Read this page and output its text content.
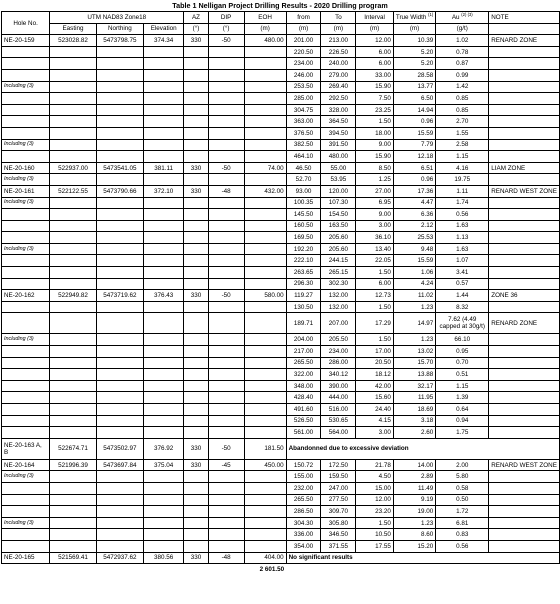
Table 1 Nelligan Project Drilling Results - 2020 Drilling program
Hole No.	UTM NAD83 Zone18			AZ	DIP	EOH	from	To	Interval	True Width $^{(1)}$	Au $^{(2) (3)}$	NOTE
	Easting	Northing	Elevation	(°)	(°)	(m)	(m)	(m)	(m)	(m)	(g/t)	
NE-20-159	523028.82	5473798.75	374.34	330	-50	480.00	201.00	213.00	12.00	10.39	1.02	RENARD ZONE
							220.50	226.50	6.00	5.20	0.78	
							234.00	240.00	6.00	5.20	0.87	
							246.00	279.00	33.00	28.58	0.99	
Including (3)							253.50	269.40	15.90	13.77	1.42	
							285.00	292.50	7.50	6.50	0.85	
							304.75	328.00	23.25	14.94	0.85	
							363.00	364.50	1.50	0.96	2.70	
							376.50	394.50	18.00	15.59	1.55	
Including (3)							382.50	391.50	9.00	7.79	2.58	
							464.10	480.00	15.90	12.18	1.15	
NE-20-160	522937.00	5473541.05	381.11	330	-50	74.00	46.50	55.00	8.50	6.51	4.16	LIAM ZONE
Including (3)							52.70	53.95	1.25	0.96	19.75	
NE-20-161	522122.55	5473790.66	372.10	330	-48	432.00	93.00	120.00	27.00	17.36	1.11	RENARD WEST ZONE
Including (3)							100.35	107.30	6.95	4.47	1.74	
							145.50	154.50	9.00	6.36	0.56	
							160.50	163.50	3.00	2.12	1.63	
							169.50	205.60	36.10	25.53	1.13	
Including (3)							192.20	205.60	13.40	9.48	1.63	
							222.10	244.15	22.05	15.59	1.07	
							263.65	265.15	1.50	1.06	3.41	
							296.30	302.30	6.00	4.24	0.57	
NE-20-162	522949.82	5473719.62	376.43	330	-50	580.00	119.27	132.00	12.73	11.02	1.44	ZONE 36
							130.50	132.00	1.50	1.23	8.32	
							189.71	207.00	17.29	14.97	7.62 (4.49 capped at 30g/t)	RENARD ZONE
Including (3)							204.00	205.50	1.50	1.23	66.10	
							217.00	234.00	17.00	13.02	0.95	
							265.50	286.00	20.50	15.70	0.70	
							322.00	340.12	18.12	13.88	0.51	
							348.00	390.00	42.00	32.17	1.15	
							428.40	444.00	15.60	11.95	1.39	
							491.60	516.00	24.40	18.69	0.64	
							526.50	530.65	4.15	3.18	0.94	
							561.00	564.00	3.00	2.60	1.75	
NE-20-163 A, B	522674.71	5473502.97	376.92	330	-50	181.50	Abandonned due to excessive deviation					
NE-20-164	521996.39	5473697.84	375.04	330	-45	450.00	150.72	172.50	21.78	14.00	2.00	RENARD WEST ZONE
Including (3)							155.00	159.50	4.50	2.89	5.80	
							232.00	247.00	15.00	11.49	0.58	
							265.50	277.50	12.00	9.19	0.50	
							286.50	309.70	23.20	19.00	1.72	
Including (3)							304.30	305.80	1.50	1.23	6.81	
							336.00	346.50	10.50	8.60	0.83	
							354.00	371.55	17.55	15.20	0.56	
NE-20-165	521569.41	5472937.62	380.56	330	-48	404.00	No significant results					
						2 601.50						
